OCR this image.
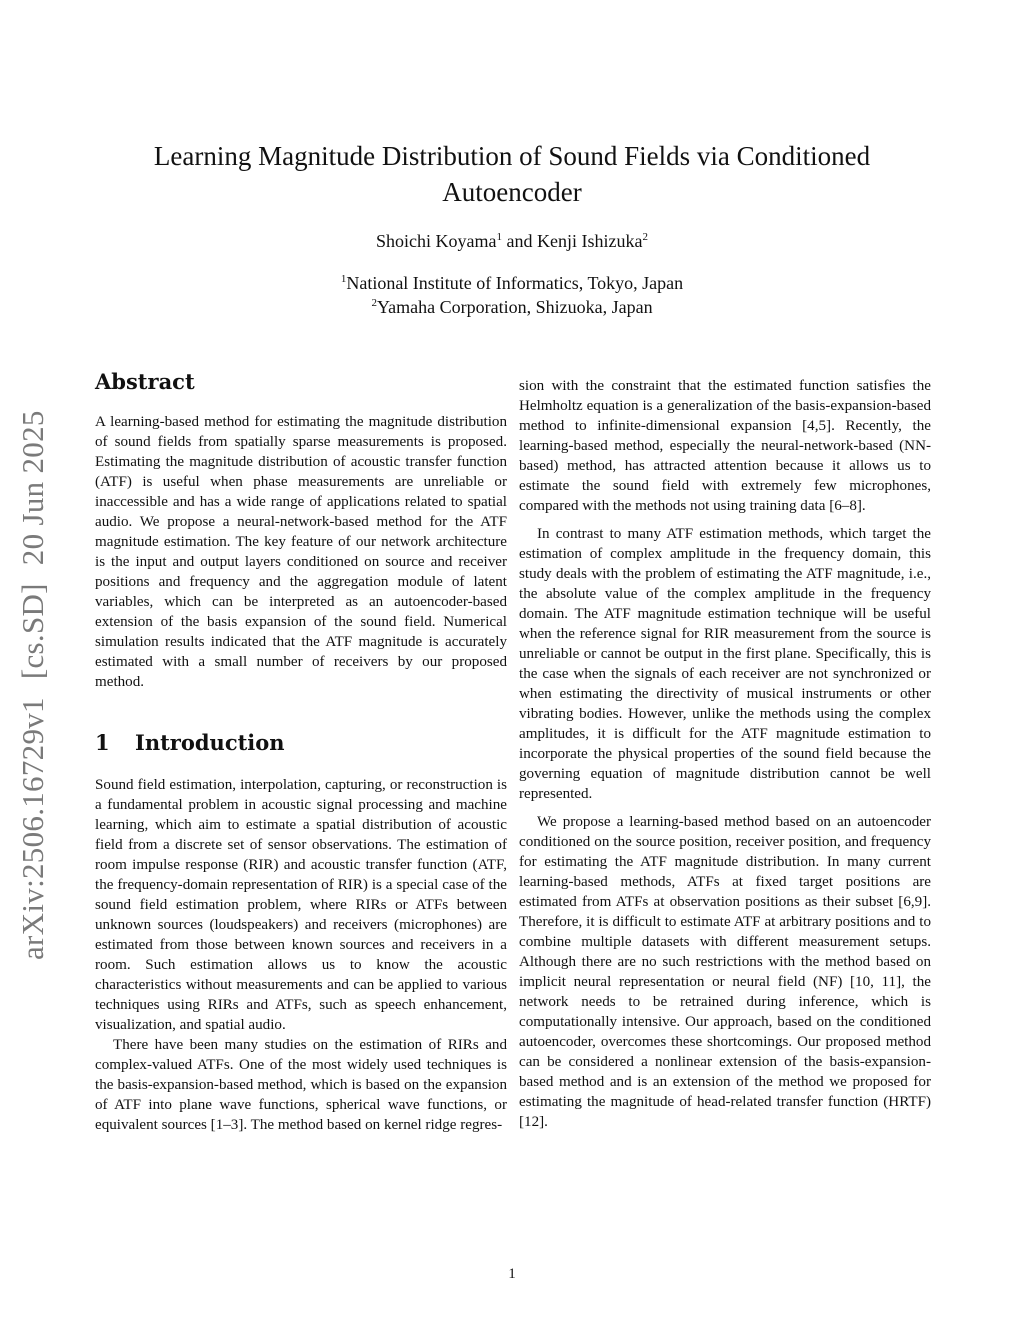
arXiv:2506.16729v1[cs.SD]20 Jun 2025
Learning Magnitude Distribution of Sound Fields via Conditioned Autoencoder
Shoichi Koyama$^1$ and Kenji Ishizuka$^2$
$^1$National Institute of Informatics, Tokyo, Japan
$^2$Yamaha Corporation, Shizuoka, Japan
Abstract

A learning-based method for estimating the magnitude distribution of sound fields from spatially sparse measurements is proposed. Estimating the magnitude distribution of acoustic transfer function (ATF) is useful when phase measurements are unreliable or inaccessible and has a wide range of applications related to spatial audio. We propose a neural-network-based method for the ATF magnitude estimation. The key feature of our network architecture is the input and output layers conditioned on source and receiver positions and frequency and the aggregation module of latent variables, which can be interpreted as an autoencoder-based extension of the basis expansion of the sound field. Numerical simulation results indicated that the ATF magnitude is accurately estimated with a small number of receivers by our proposed method.

1 Introduction

Sound field estimation, interpolation, capturing, or reconstruction is a fundamental problem in acoustic signal processing and machine learning, which aim to estimate a spatial distribution of acoustic field from a discrete set of sensor observations. The estimation of room impulse response (RIR) and acoustic transfer function (ATF, the frequency-domain representation of RIR) is a special case of the sound field estimation problem, where RIRs or ATFs between unknown sources (loudspeakers) and receivers (microphones) are estimated from those between known sources and receivers in a room. Such estimation allows us to know the acoustic characteristics without measurements and can be applied to various techniques using RIRs and ATFs, such as speech enhancement, visualization, and spatial audio.

There have been many studies on the estimation of RIRs and complex-valued ATFs. One of the most widely used techniques is the basis-expansion-based method, which is based on the expansion of ATF into plane wave functions, spherical wave functions, or equivalent sources [1–3]. The method based on kernel ridge regres-

sion with the constraint that the estimated function satisfies the Helmholtz equation is a generalization of the basis-expansion-based method to infinite-dimensional expansion [4,5]. Recently, the learning-based method, especially the neural-network-based (NN-based) method, has attracted attention because it allows us to estimate the sound field with extremely few microphones, compared with the methods not using training data [6–8].

In contrast to many ATF estimation methods, which target the estimation of complex amplitude in the frequency domain, this study deals with the problem of estimating the ATF magnitude, i.e., the absolute value of the complex amplitude in the frequency domain. The ATF magnitude estimation technique will be useful when the reference signal for RIR measurement from the source is unreliable or cannot be output in the first plane. Specifically, this is the case when the signals of each receiver are not synchronized or when estimating the directivity of musical instruments or other vibrating bodies. However, unlike the methods using the complex amplitudes, it is difficult for the ATF magnitude estimation to incorporate the physical properties of the sound field because the governing equation of magnitude distribution cannot be well represented.

We propose a learning-based method based on an autoencoder conditioned on the source position, receiver position, and frequency for estimating the ATF magnitude distribution. In many current learning-based methods, ATFs at fixed target positions are estimated from ATFs at observation positions as their subset [6,9]. Therefore, it is difficult to estimate ATF at arbitrary positions and to combine multiple datasets with different measurement setups. Although there are no such restrictions with the method based on implicit neural representation or neural field (NF) [10, 11], the network needs to be retrained during inference, which is computationally intensive. Our approach, based on the conditioned autoencoder, overcomes these shortcomings. Our proposed method can be considered a nonlinear extension of the basis-expansion-based method and is an extension of the method we proposed for estimating the magnitude of head-related transfer function (HRTF) [12].

1
